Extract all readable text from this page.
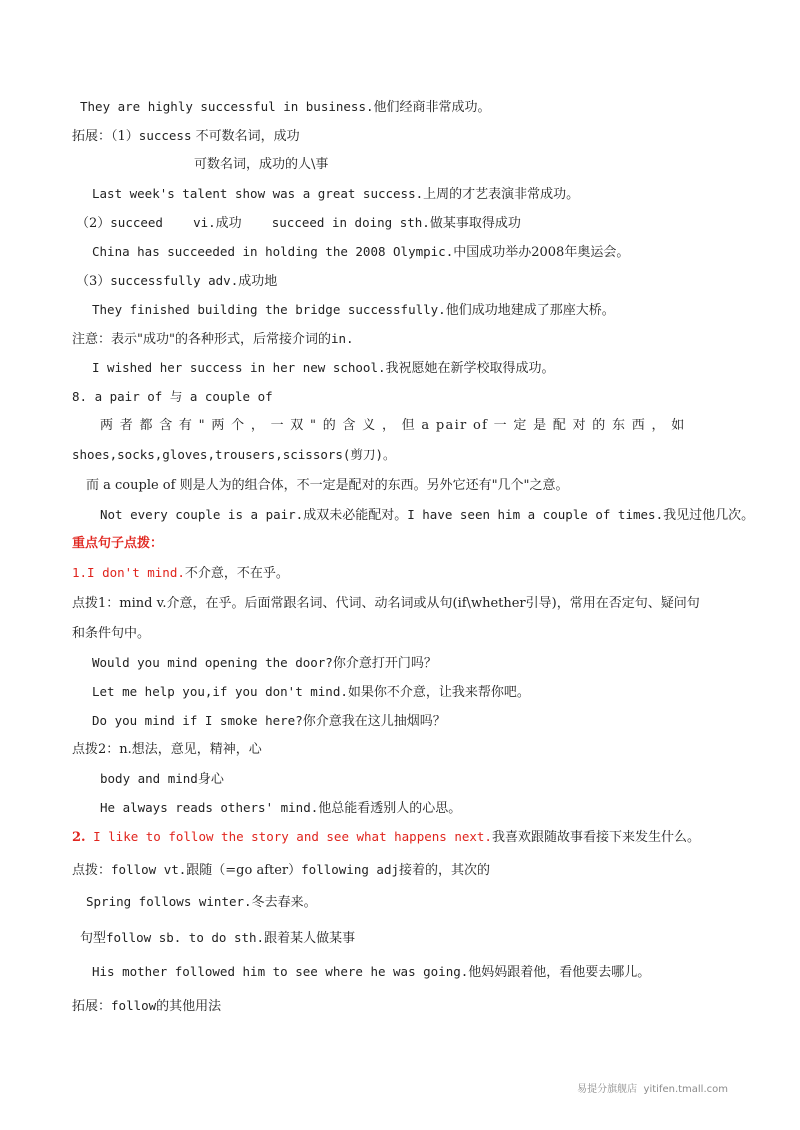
They are highly successful in business.他们经商非常成功。
拓展：（1）success 不可数名词，成功
可数名词，成功的人\事
Last week's talent show was a great success.上周的才艺表演非常成功。
（2）succeed    vi.成功    succeed in doing sth.做某事取得成功
China has succeeded in holding the 2008 Olympic.中国成功举办2008年奥运会。
（3）successfully adv.成功地
They finished building the bridge successfully.他们成功地建成了那座大桥。
注意：表示"成功"的各种形式，后常接介词的in.
I wished her success in her new school.我祝愿她在新学校取得成功。
8. a pair of 与 a couple of
两 者 都 含 有 " 两 个 ， 一 双 " 的 含 义 ， 但 a pair of 一 定 是 配 对 的 东 西 ， 如
shoes,socks,gloves,trousers,scissors(剪刀)。
而 a couple of 则是人为的组合体，不一定是配对的东西。另外它还有"几个"之意。
Not every couple is a pair.成双未必能配对。I have seen him a couple of times.我见过他几次。
重点句子点拨：
1.I don't mind.不介意，不在乎。
点拨1：mind v.介意，在乎。后面常跟名词、代词、动名词或从句(if\whether引导)，常用在否定句、疑问句
和条件句中。
Would you mind opening the door?你介意打开门吗？
Let me help you,if you don't mind.如果你不介意，让我来帮你吧。
Do you mind if I smoke here?你介意我在这儿抽烟吗？
点拨2：n.想法，意见，精神，心
body and mind身心
He always reads others' mind.他总能看透别人的心思。
2. I like to follow the story and see what happens next.我喜欢跟随故事看接下来发生什么。
点拨：follow vt.跟随（=go after）following adj接着的，其次的
Spring follows winter.冬去春来。
句型follow sb. to do sth.跟着某人做某事
His mother followed him to see where he was going.他妈妈跟着他，看他要去哪儿。
拓展：follow的其他用法
易提分旗舰店 yitifen.tmall.com
